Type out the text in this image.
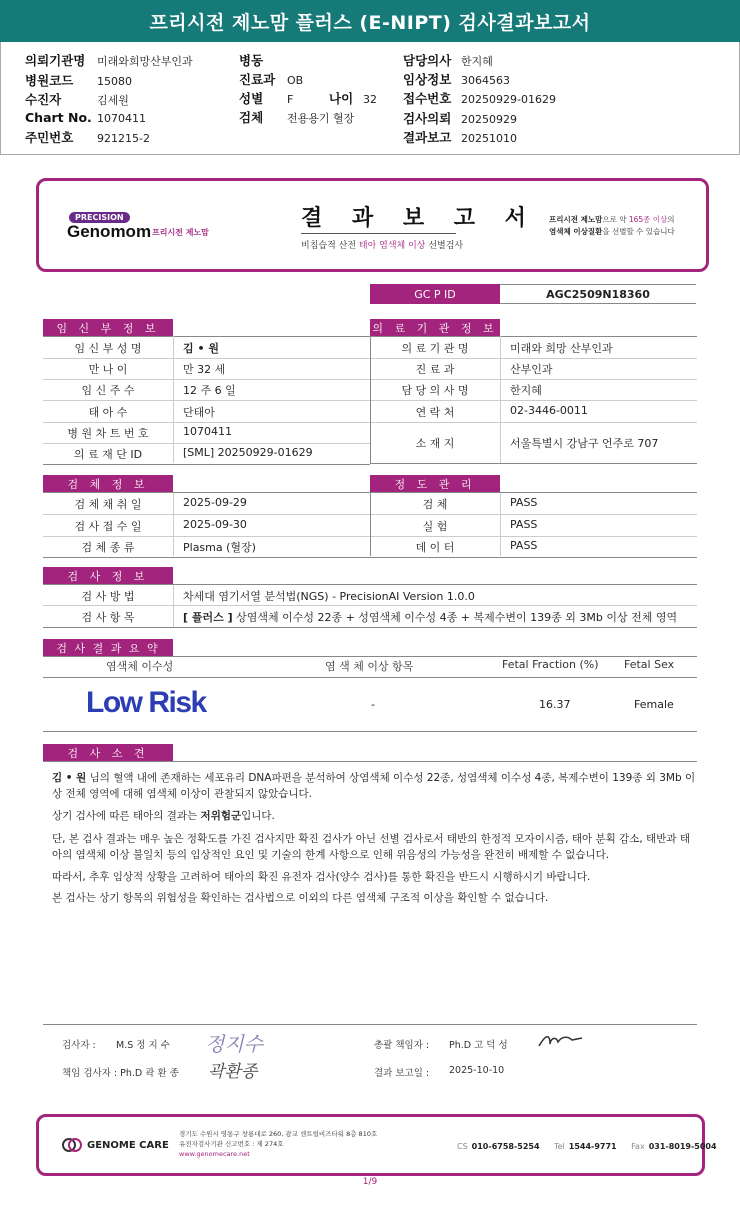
프리시전 제노맘 플러스 (E-NIPT) 검사결과보고서
의뢰기관명	미래와희망산부인과
병원코드	15080
수진자	김세원
Chart No. 1070411
주민번호	921215-2
병동
진료과	OB
성별	F	나이 32
검체	전용용기 혈장
담당의사 한지혜
임상정보 3064563
접수번호 20250929-01629
검사의뢰 20250929
결과보고 20251010
PRECISION
Genomom 프리시전 제노맘
결 과 보 고 서
비침습적 산전 태아 염색체 이상 선별검사
프리시전 제노맘으로 약 165종 이상의
염색체 이상질환을 선별할 수 있습니다
GC P ID	AGC2509N18360
임 신 부 정 보	의 료 기 관 정 보
임 신 부 성 명	김 • 원
만 나 이	만 32 세
임 신 주 수	12 주 6 일
태 아 수	단태아
병 원 차 트 번 호	1070411
의 료 재 단 ID	[SML] 20250929-01629
의 료 기 관 명	미래와 희망 산부인과
진 료 과	산부인과
담 당 의 사 명	한지혜
연 락 처	02-3446-0011
소 재 지	서울특별시 강남구 언주로 707
검 체 채 취 일	2025-09-29	검 체	PASS
검 사 접 수 일	2025-09-30	실 험	PASS
검 체 종 류	Plasma (혈장)	데 이 터	PASS
검 체 정 보	정 도 관 리
검 사 정 보
검 사 방 법	차세대 염기서열 분석법(NGS) - PrecisionAI Version 1.0.0
검 사 항 목	[ 플러스 ] 상염색체 이수성 22종 + 성염색체 이수성 4종 + 복제수변이 139종 외 3Mb 이상 전체 영역
검 사 결 과 요 약
염색체 이수성	염 색 체 이상 항목	Fetal Fraction (%) Fetal Sex
Low Risk	-	16.37	Female
검 사 소 견
김 • 원 님의 혈액 내에 존재하는 세포유리 DNA파편을 분석하여 상염색체 이수성 22종, 성염색체 이수성 4종, 복제수변이 139종 외 3Mb 이상 전체 영역에 대해 염색체 이상이 관찰되지 않았습니다.
상기 검사에 따른 태아의 결과는 저위험군입니다.
단, 본 검사 결과는 매우 높은 정확도를 가진 검사지만 확진 검사가 아닌 선별 검사로서 태반의 한정적 모자이시즘, 태아 분획 감소, 태반과 태아의 염색체 이상 불일치 등의 임상적인 요인 및 기술의 한계 사항으로 인해 위음성의 가능성을 완전히 배제할 수 없습니다.
따라서, 추후 임상적 상황을 고려하여 태아의 확진 유전자 검사(양수 검사)를 통한 확진을 반드시 시행하시기 바랍니다.
본 검사는 상기 항목의 위험성을 확인하는 검사법으로 이외의 다른 염색체 구조적 이상을 확인할 수 없습니다.
검사자 : M.S 정 지 수 정지수
책임 검사자 : Ph.D 곽 환 종 곽환종
총괄 책임자 : Ph.D 고 덕 성
결과 보고일 : 2025-10-10
GENOME CARE
경기도 수원시 영통구 창룡대로 260, 광교 센트럴비즈타워 8층 810호
유전자검사기관 신고번호 : 제 274호
www.genomecare.net
CS 010-6758-5254 Tel 1544-9771 Fax 031-8019-5004
1/9
